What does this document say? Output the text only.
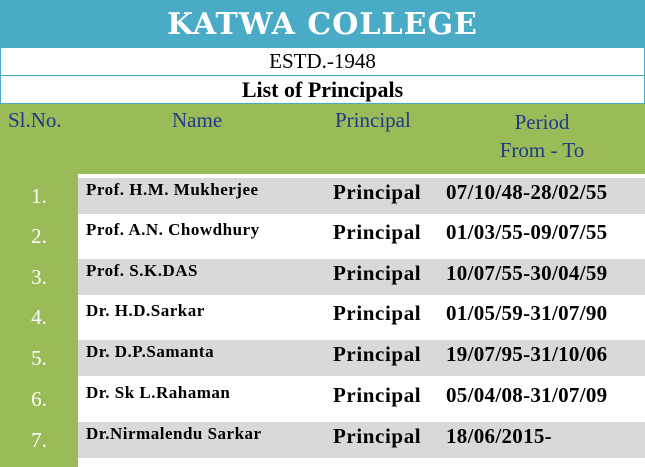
KATWA COLLEGE
ESTD.-1948
List of Principals
Sl.No.	Name	Principal	Period
From - To
1.	Prof. H.M. Mukherjee	Principal 07/10/48-28/02/55
2.	Prof. A.N. Chowdhury	Principal 01/03/55-09/07/55
3.	Prof. S.K.DAS	Principal 10/07/55-30/04/59
4.	Dr. H.D.Sarkar	Principal 01/05/59-31/07/90
5.	Dr. D.P.Samanta	Principal 19/07/95-31/10/06
6.	Dr. Sk L.Rahaman	Principal 05/04/08-31/07/09
7.	Dr.Nirmalendu Sarkar	Principal 18/06/2015-
